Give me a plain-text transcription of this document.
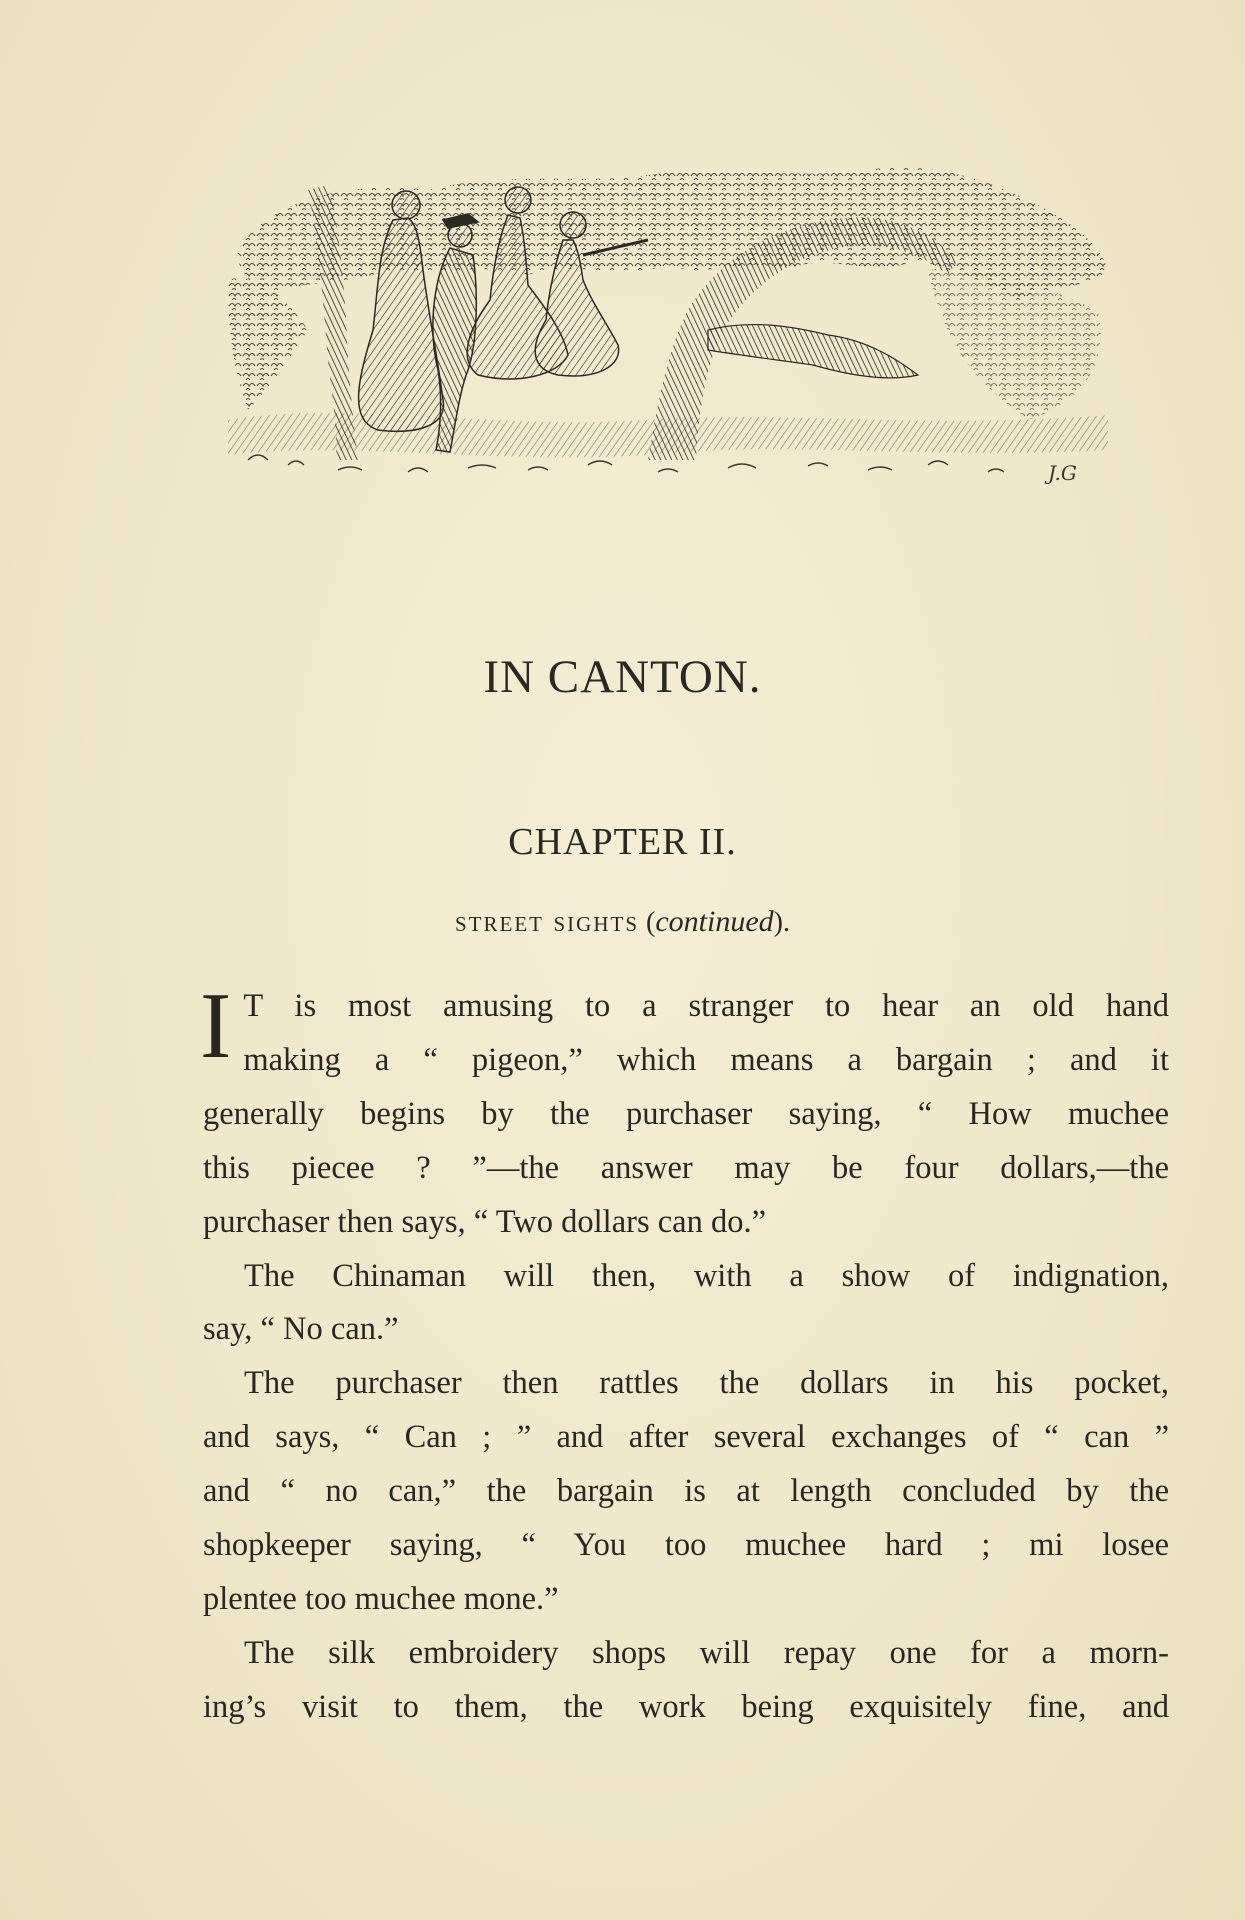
J.G
IN CANTON.
CHAPTER II.

street sights (continued).

I T is most amusing to a stranger to hear an old hand
making a “ pigeon,” which means a bargain ; and it
generally begins by the purchaser saying, “ How muchee
this piecee ? ”—the answer may be four dollars,—the
purchaser then says, “ Two dollars can do.”
The Chinaman will then, with a show of indignation,
say, “ No can.”
The purchaser then rattles the dollars in his pocket,
and says, “ Can ; ” and after several exchanges of “ can ”
and “ no can,” the bargain is at length concluded by the
shopkeeper saying, “ You too muchee hard ; mi losee
plentee too muchee mone.”
The silk embroidery shops will repay one for a morn-
ing’s visit to them, the work being exquisitely fine, and
